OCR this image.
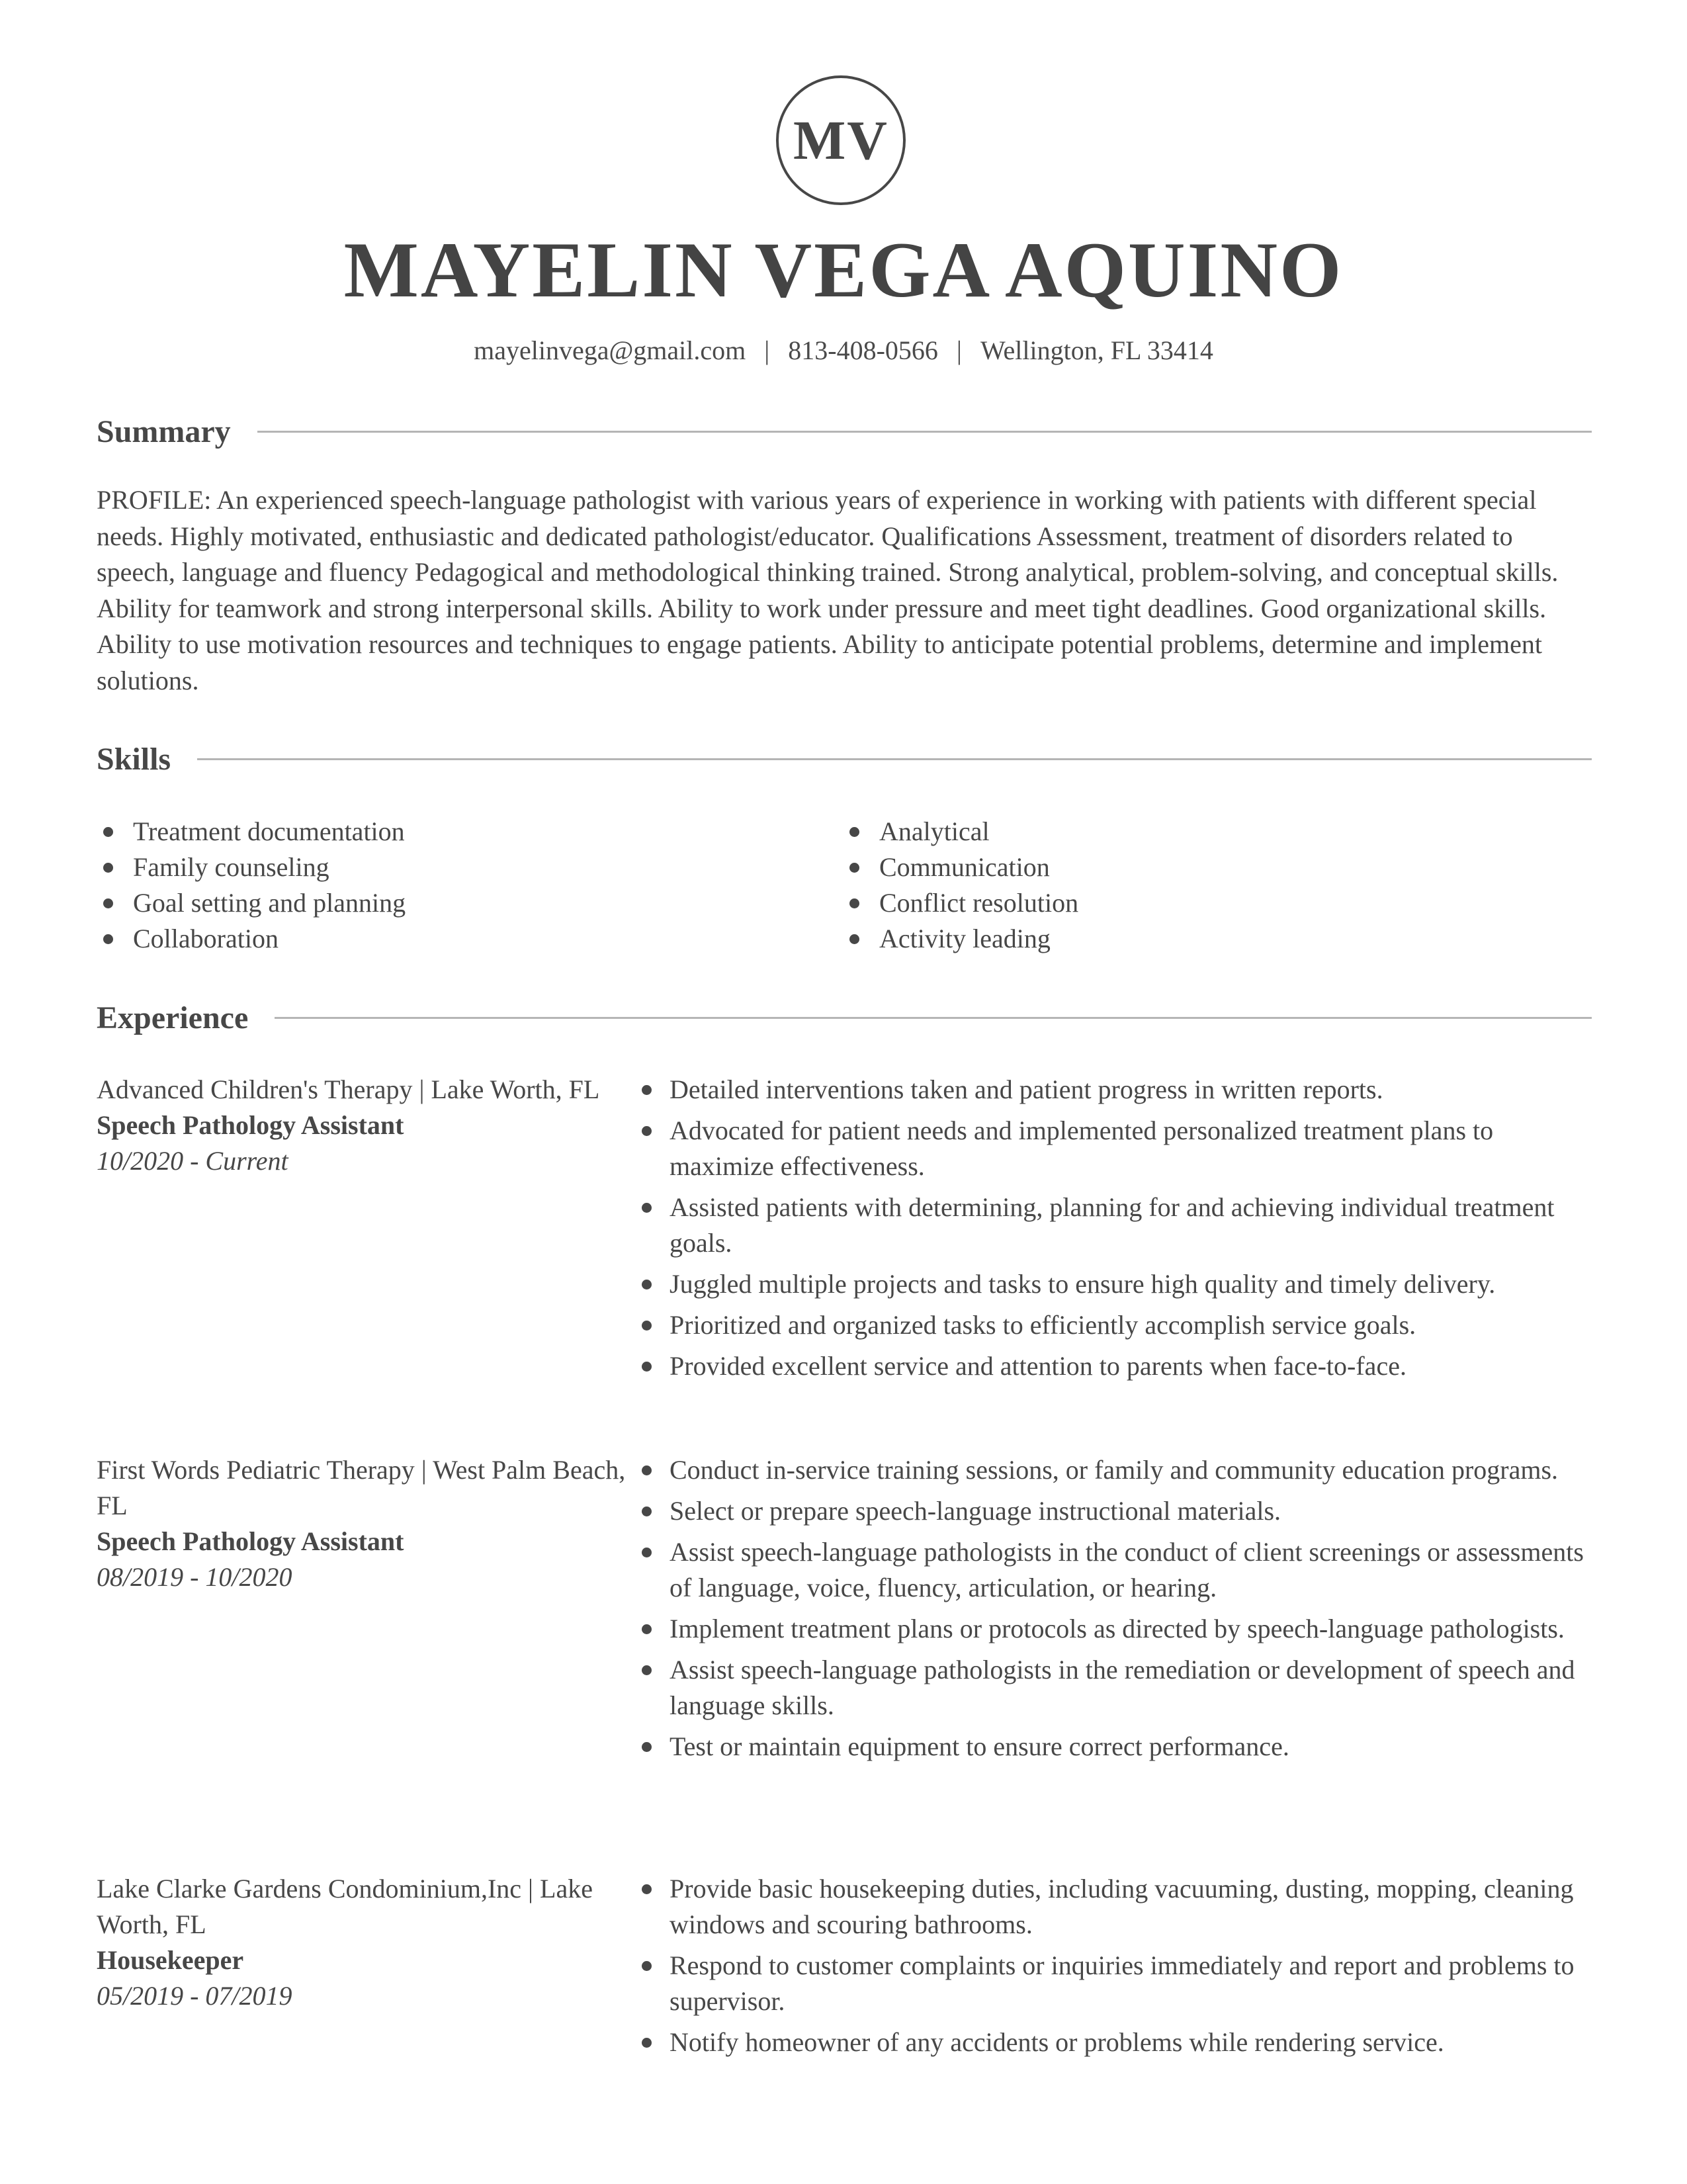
MV
MAYELIN VEGA AQUINO
mayelinvega@gmail.com | 813-408-0566 | Wellington, FL 33414
Summary
PROFILE: An experienced speech-language pathologist with various years of experience in working with patients with different special needs. Highly motivated, enthusiastic and dedicated pathologist/educator. Qualifications Assessment, treatment of disorders related to speech, language and fluency Pedagogical and methodological thinking trained. Strong analytical, problem-solving, and conceptual skills. Ability for teamwork and strong interpersonal skills. Ability to work under pressure and meet tight deadlines. Good organizational skills. Ability to use motivation resources and techniques to engage patients. Ability to anticipate potential problems, determine and implement solutions.
Skills
Treatment documentation
Family counseling
Goal setting and planning
Collaboration
Analytical
Communication
Conflict resolution
Activity leading
Experience
Advanced Children's Therapy | Lake Worth, FL
Speech Pathology Assistant
10/2020 - Current
Detailed interventions taken and patient progress in written reports.
Advocated for patient needs and implemented personalized treatment plans to maximize effectiveness.
Assisted patients with determining, planning for and achieving individual treatment goals.
Juggled multiple projects and tasks to ensure high quality and timely delivery.
Prioritized and organized tasks to efficiently accomplish service goals.
Provided excellent service and attention to parents when face-to-face.
First Words Pediatric Therapy | West Palm Beach, FL
Speech Pathology Assistant
08/2019 - 10/2020
Conduct in-service training sessions, or family and community education programs.
Select or prepare speech-language instructional materials.
Assist speech-language pathologists in the conduct of client screenings or assessments of language, voice, fluency, articulation, or hearing.
Implement treatment plans or protocols as directed by speech-language pathologists.
Assist speech-language pathologists in the remediation or development of speech and language skills.
Test or maintain equipment to ensure correct performance.
Lake Clarke Gardens Condominium,Inc | Lake Worth, FL
Housekeeper
05/2019 - 07/2019
Provide basic housekeeping duties, including vacuuming, dusting, mopping, cleaning windows and scouring bathrooms.
Respond to customer complaints or inquiries immediately and report and problems to supervisor.
Notify homeowner of any accidents or problems while rendering service.
